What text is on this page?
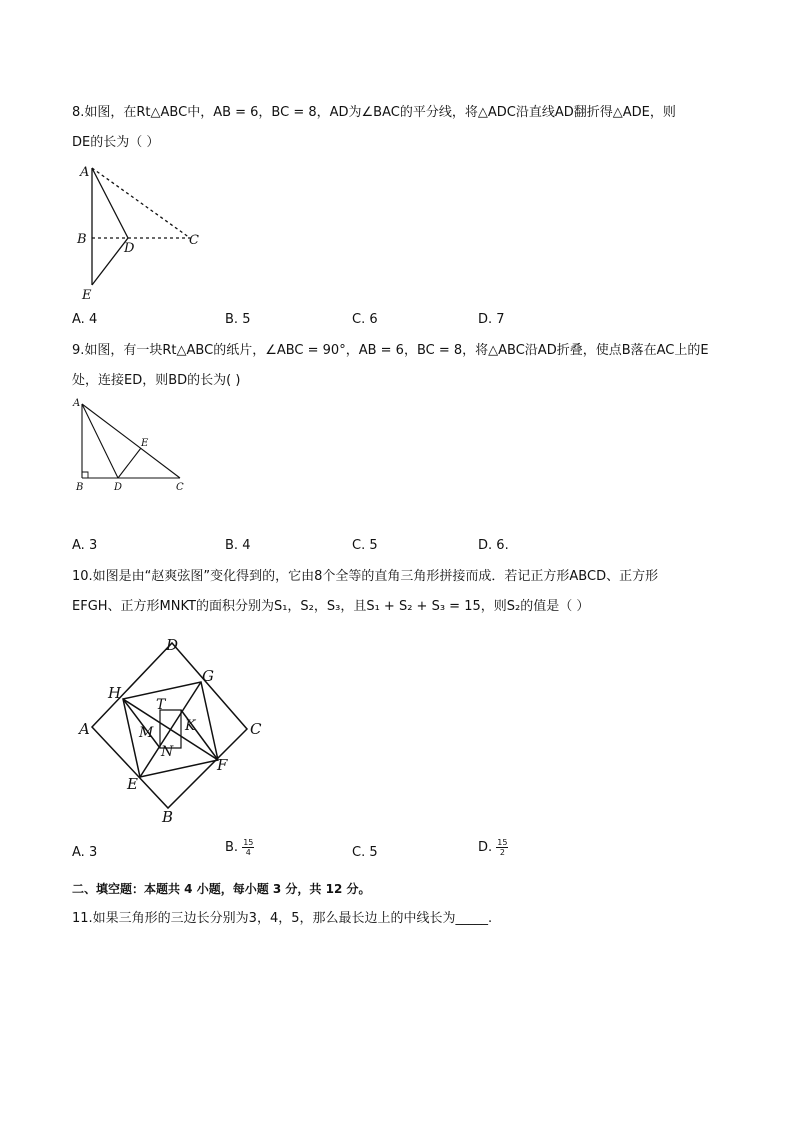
8.如图，在Rt△ABC中，AB = 6，BC = 8，AD为∠BAC的平分线，将△ADC沿直线AD翻折得△ADE，则
DE的长为（ ）
A
B
D
C
E
A. 4	B. 5	C. 6	D. 7
9.如图，有一块Rt△ABC的纸片，∠ABC = 90°，AB = 6，BC = 8，将△ABC沿AD折叠，使点B落在AC上的E
处，连接ED，则BD的长为( )
A
B	D	C
E
A. 3	B. 4	C. 5	D. 6.
10.如图是由“赵爽弦图”变化得到的，它由8个全等的直角三角形拼接而成．若记正方形ABCD、正方形
EFGH、正方形MNKT的面积分别为S₁，S₂，S₃，且S₁ + S₂ + S₃ = 15，则S₂的值是（ ）
D
C
B
A
H
G
F
E
T
K
M
N
A. 3	B. $\frac{15}{4}$	C. 5	D. $\frac{15}{2}$
二、填空题：本题共 4 小题，每小题 3 分，共 12 分。
11.如果三角形的三边长分别为3，4，5，那么最长边上的中线长为_____.
